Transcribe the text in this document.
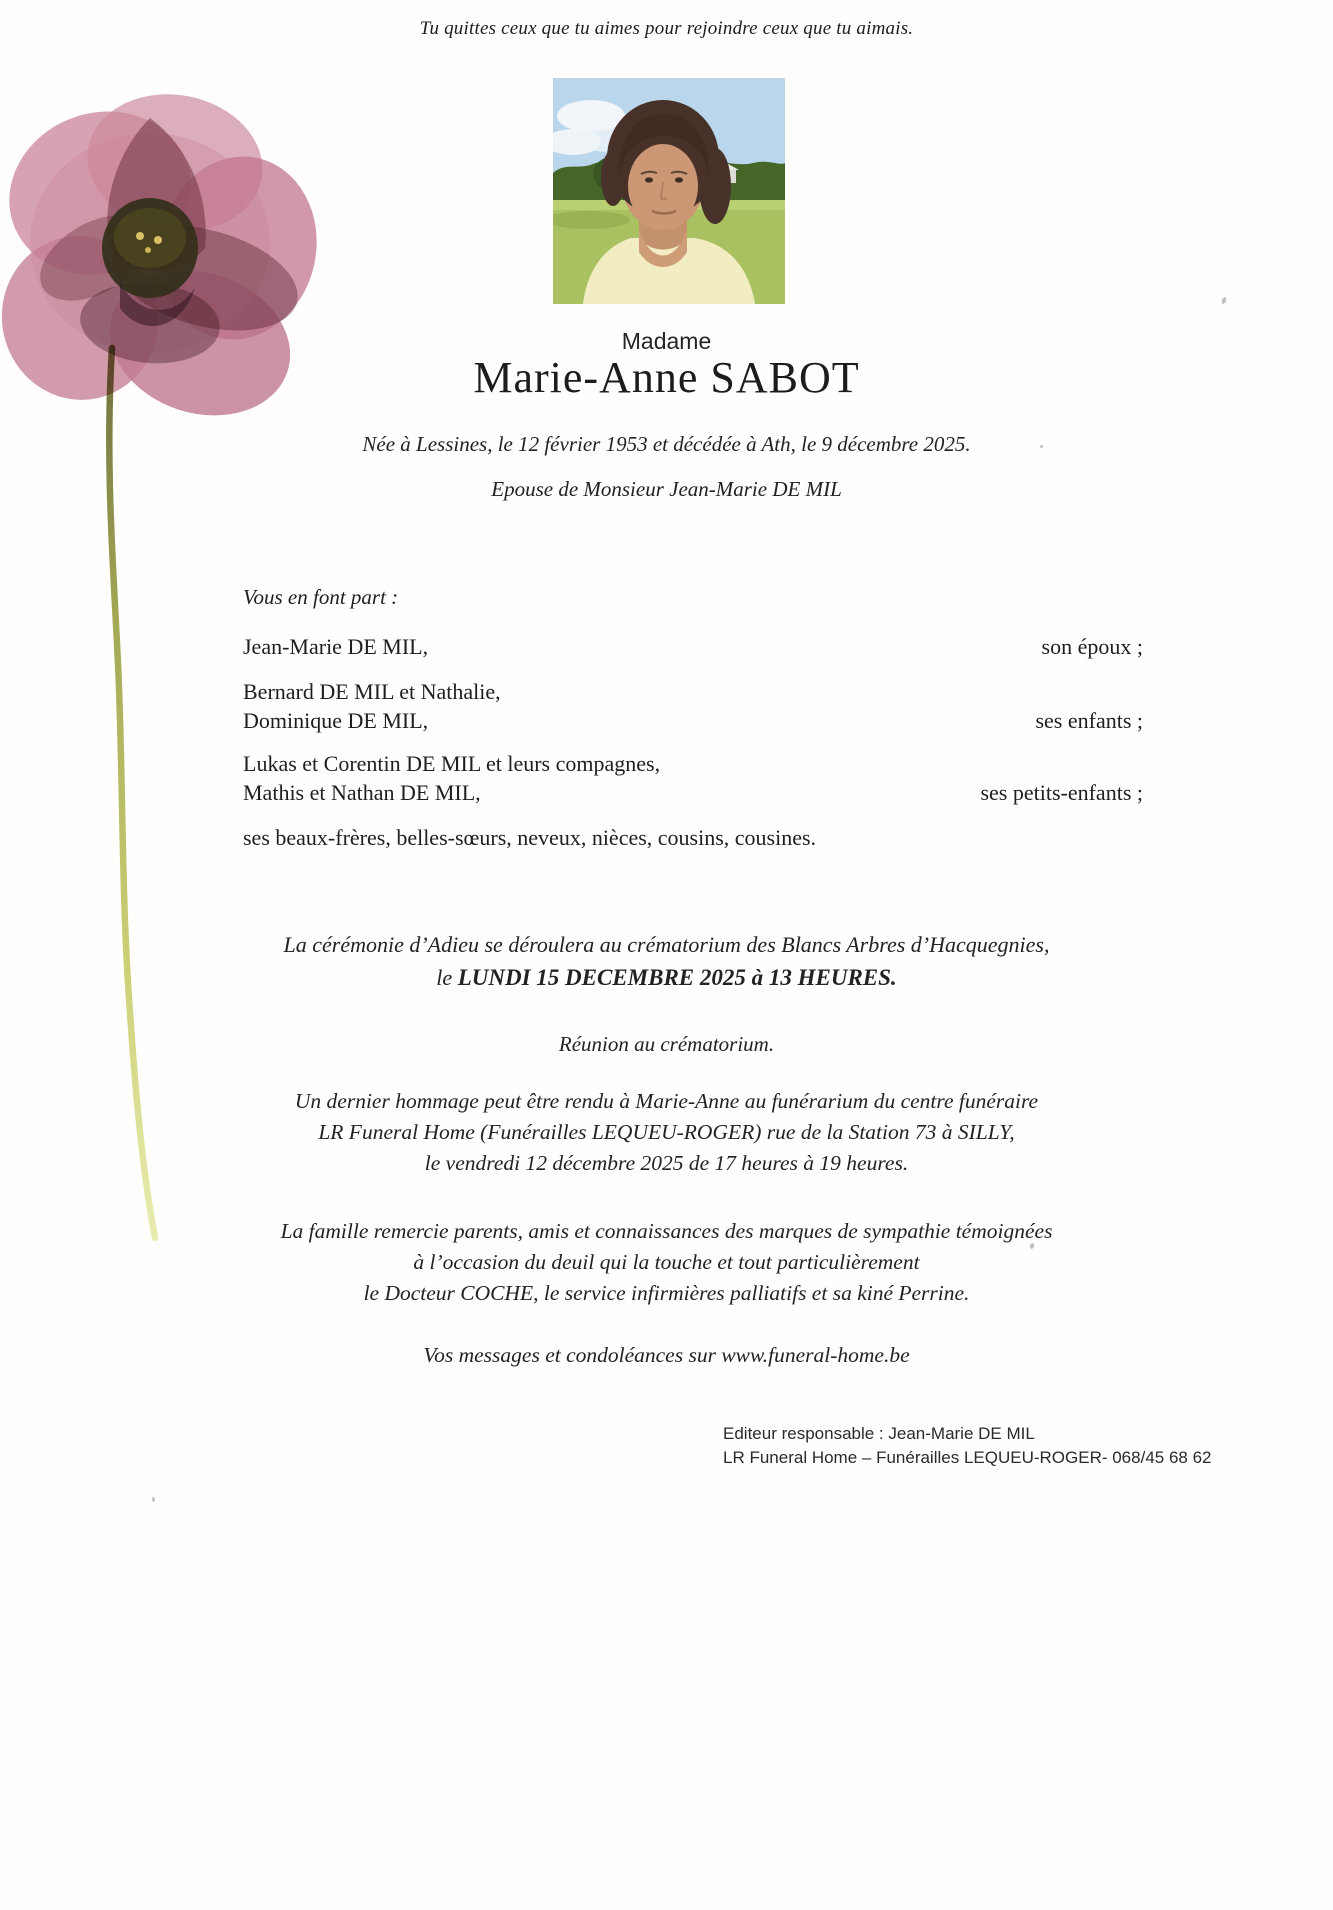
Tu quittes ceux que tu aimes pour rejoindre ceux que tu aimais.
Madame
Marie-Anne SABOT
Née à Lessines, le 12 février 1953 et décédée à Ath, le 9 décembre 2025.
Epouse de Monsieur Jean-Marie DE MIL
Vous en font part :
Jean-Marie DE MIL,	son époux ;
Bernard DE MIL et Nathalie,
Dominique DE MIL,	ses enfants ;
Lukas et Corentin DE MIL et leurs compagnes,
Mathis et Nathan DE MIL,	ses petits-enfants ;
ses beaux-frères, belles-sœurs, neveux, nièces, cousins, cousines.
La cérémonie d’Adieu se déroulera au crématorium des Blancs Arbres d’Hacquegnies,
le LUNDI 15 DECEMBRE 2025 à 13 HEURES.
Réunion au crématorium.
Un dernier hommage peut être rendu à Marie-Anne au funérarium du centre funéraire
LR Funeral Home (Funérailles LEQUEU-ROGER) rue de la Station 73 à SILLY,
le vendredi 12 décembre 2025 de 17 heures à 19 heures.
La famille remercie parents, amis et connaissances des marques de sympathie témoignées
à l’occasion du deuil qui la touche et tout particulièrement
le Docteur COCHE, le service infirmières palliatifs et sa kiné Perrine.
Vos messages et condoléances sur www.funeral-home.be
Editeur responsable : Jean-Marie DE MIL
LR Funeral Home – Funérailles LEQUEU-ROGER- 068/45 68 62
